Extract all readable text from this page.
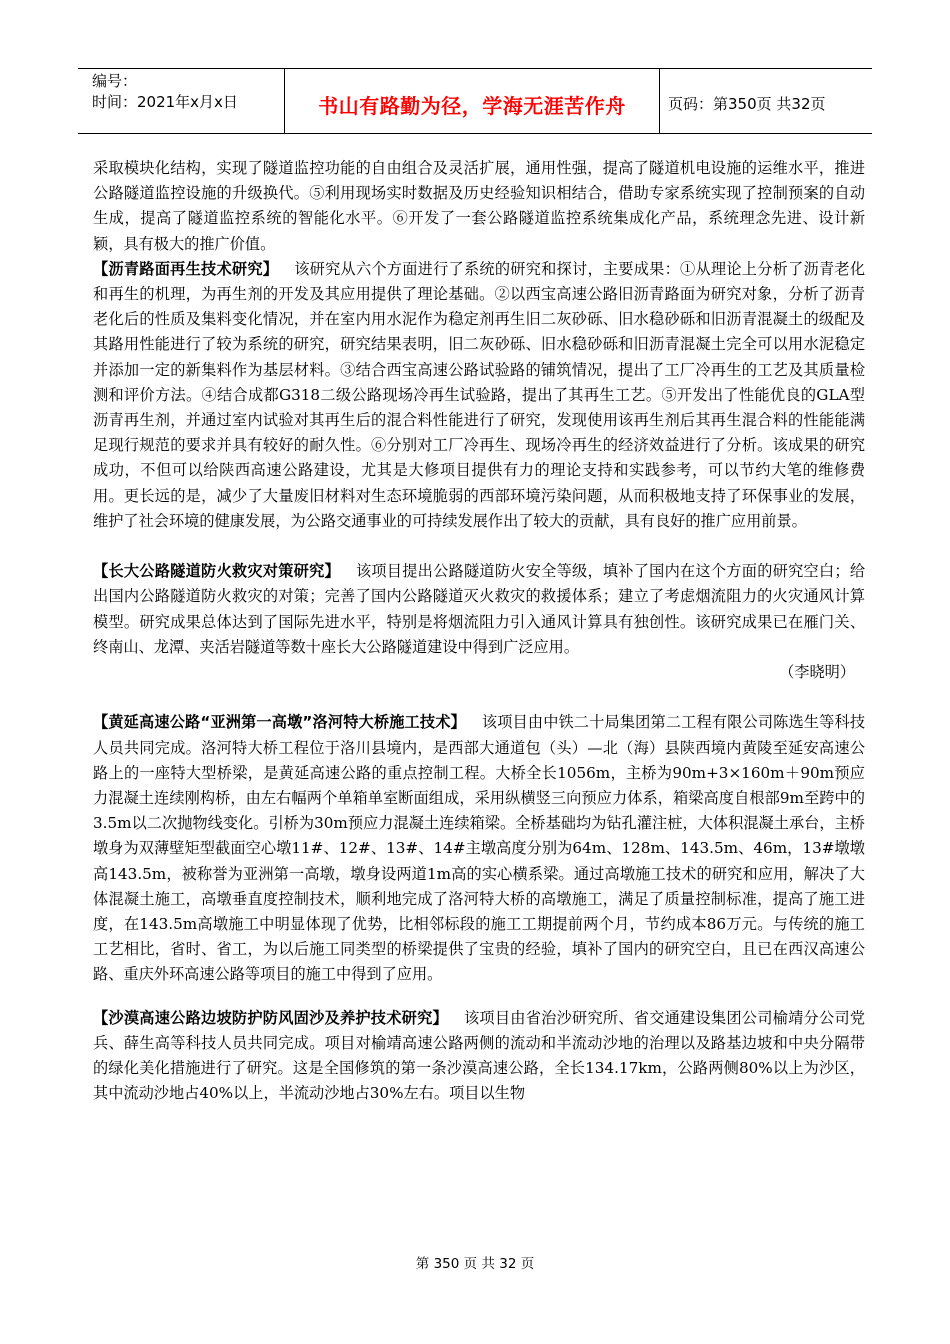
编号：
时间：2021年x月x日	书山有路勤为径，学海无涯苦作舟	页码：第350页 共32页

采取模块化结构，实现了隧道监控功能的自由组合及灵活扩展，通用性强，提高了隧道机电设施的运维水平，推进公路隧道监控设施的升级换代。⑤利用现场实时数据及历史经验知识相结合，借助专家系统实现了控制预案的自动生成，提高了隧道监控系统的智能化水平。⑥开发了一套公路隧道监控系统集成化产品，系统理念先进、设计新颖，具有极大的推广价值。

【沥青路面再生技术研究】 该研究从六个方面进行了系统的研究和探讨，主要成果：①从理论上分析了沥青老化和再生的机理，为再生剂的开发及其应用提供了理论基础。②以西宝高速公路旧沥青路面为研究对象，分析了沥青老化后的性质及集料变化情况，并在室内用水泥作为稳定剂再生旧二灰砂砾、旧水稳砂砾和旧沥青混凝土的级配及其路用性能进行了较为系统的研究，研究结果表明，旧二灰砂砾、旧水稳砂砾和旧沥青混凝土完全可以用水泥稳定并添加一定的新集料作为基层材料。③结合西宝高速公路试验路的铺筑情况，提出了工厂冷再生的工艺及其质量检测和评价方法。④结合成都G318二级公路现场冷再生试验路，提出了其再生工艺。⑤开发出了性能优良的GLA型沥青再生剂，并通过室内试验对其再生后的混合料性能进行了研究，发现使用该再生剂后其再生混合料的性能能满足现行规范的要求并具有较好的耐久性。⑥分别对工厂冷再生、现场冷再生的经济效益进行了分析。该成果的研究成功，不但可以给陕西高速公路建设，尤其是大修项目提供有力的理论支持和实践参考，可以节约大笔的维修费用。更长远的是，减少了大量废旧材料对生态环境脆弱的西部环境污染问题，从而积极地支持了环保事业的发展，维护了社会环境的健康发展，为公路交通事业的可持续发展作出了较大的贡献，具有良好的推广应用前景。

【长大公路隧道防火救灾对策研究】 该项目提出公路隧道防火安全等级，填补了国内在这个方面的研究空白；给出国内公路隧道防火救灾的对策；完善了国内公路隧道灭火救灾的救援体系；建立了考虑烟流阻力的火灾通风计算模型。研究成果总体达到了国际先进水平，特别是将烟流阻力引入通风计算具有独创性。该研究成果已在雁门关、终南山、龙潭、夹活岩隧道等数十座长大公路隧道建设中得到广泛应用。

（李晓明）

【黄延高速公路“亚洲第一高墩”洛河特大桥施工技术】 该项目由中铁二十局集团第二工程有限公司陈选生等科技人员共同完成。洛河特大桥工程位于洛川县境内，是西部大通道包（头）—北（海）县陕西境内黄陵至延安高速公路上的一座特大型桥梁，是黄延高速公路的重点控制工程。大桥全长1056m，主桥为90m+3×160m＋90m预应力混凝土连续刚构桥，由左右幅两个单箱单室断面组成，采用纵横竖三向预应力体系，箱梁高度自根部9m至跨中的3.5m以二次抛物线变化。引桥为30m预应力混凝土连续箱梁。全桥基础均为钻孔灌注桩，大体积混凝土承台，主桥墩身为双薄壁矩型截面空心墩11#、12#、13#、14#主墩高度分别为64m、128m、143.5m、46m，13#墩墩高143.5m，被称誉为亚洲第一高墩，墩身设两道1m高的实心横系梁。通过高墩施工技术的研究和应用，解决了大体混凝土施工，高墩垂直度控制技术，顺利地完成了洛河特大桥的高墩施工，满足了质量控制标准，提高了施工进度，在143.5m高墩施工中明显体现了优势，比相邻标段的施工工期提前两个月，节约成本86万元。与传统的施工工艺相比，省时、省工，为以后施工同类型的桥梁提供了宝贵的经验，填补了国内的研究空白，且已在西汉高速公路、重庆外环高速公路等项目的施工中得到了应用。

【沙漠高速公路边坡防护防风固沙及养护技术研究】 该项目由省治沙研究所、省交通建设集团公司榆靖分公司党兵、薛生高等科技人员共同完成。项目对榆靖高速公路两侧的流动和半流动沙地的治理以及路基边坡和中央分隔带的绿化美化措施进行了研究。这是全国修筑的第一条沙漠高速公路，全长134.17km，公路两侧80%以上为沙区，其中流动沙地占40%以上，半流动沙地占30%左右。项目以生物

第 350 页 共 32 页
